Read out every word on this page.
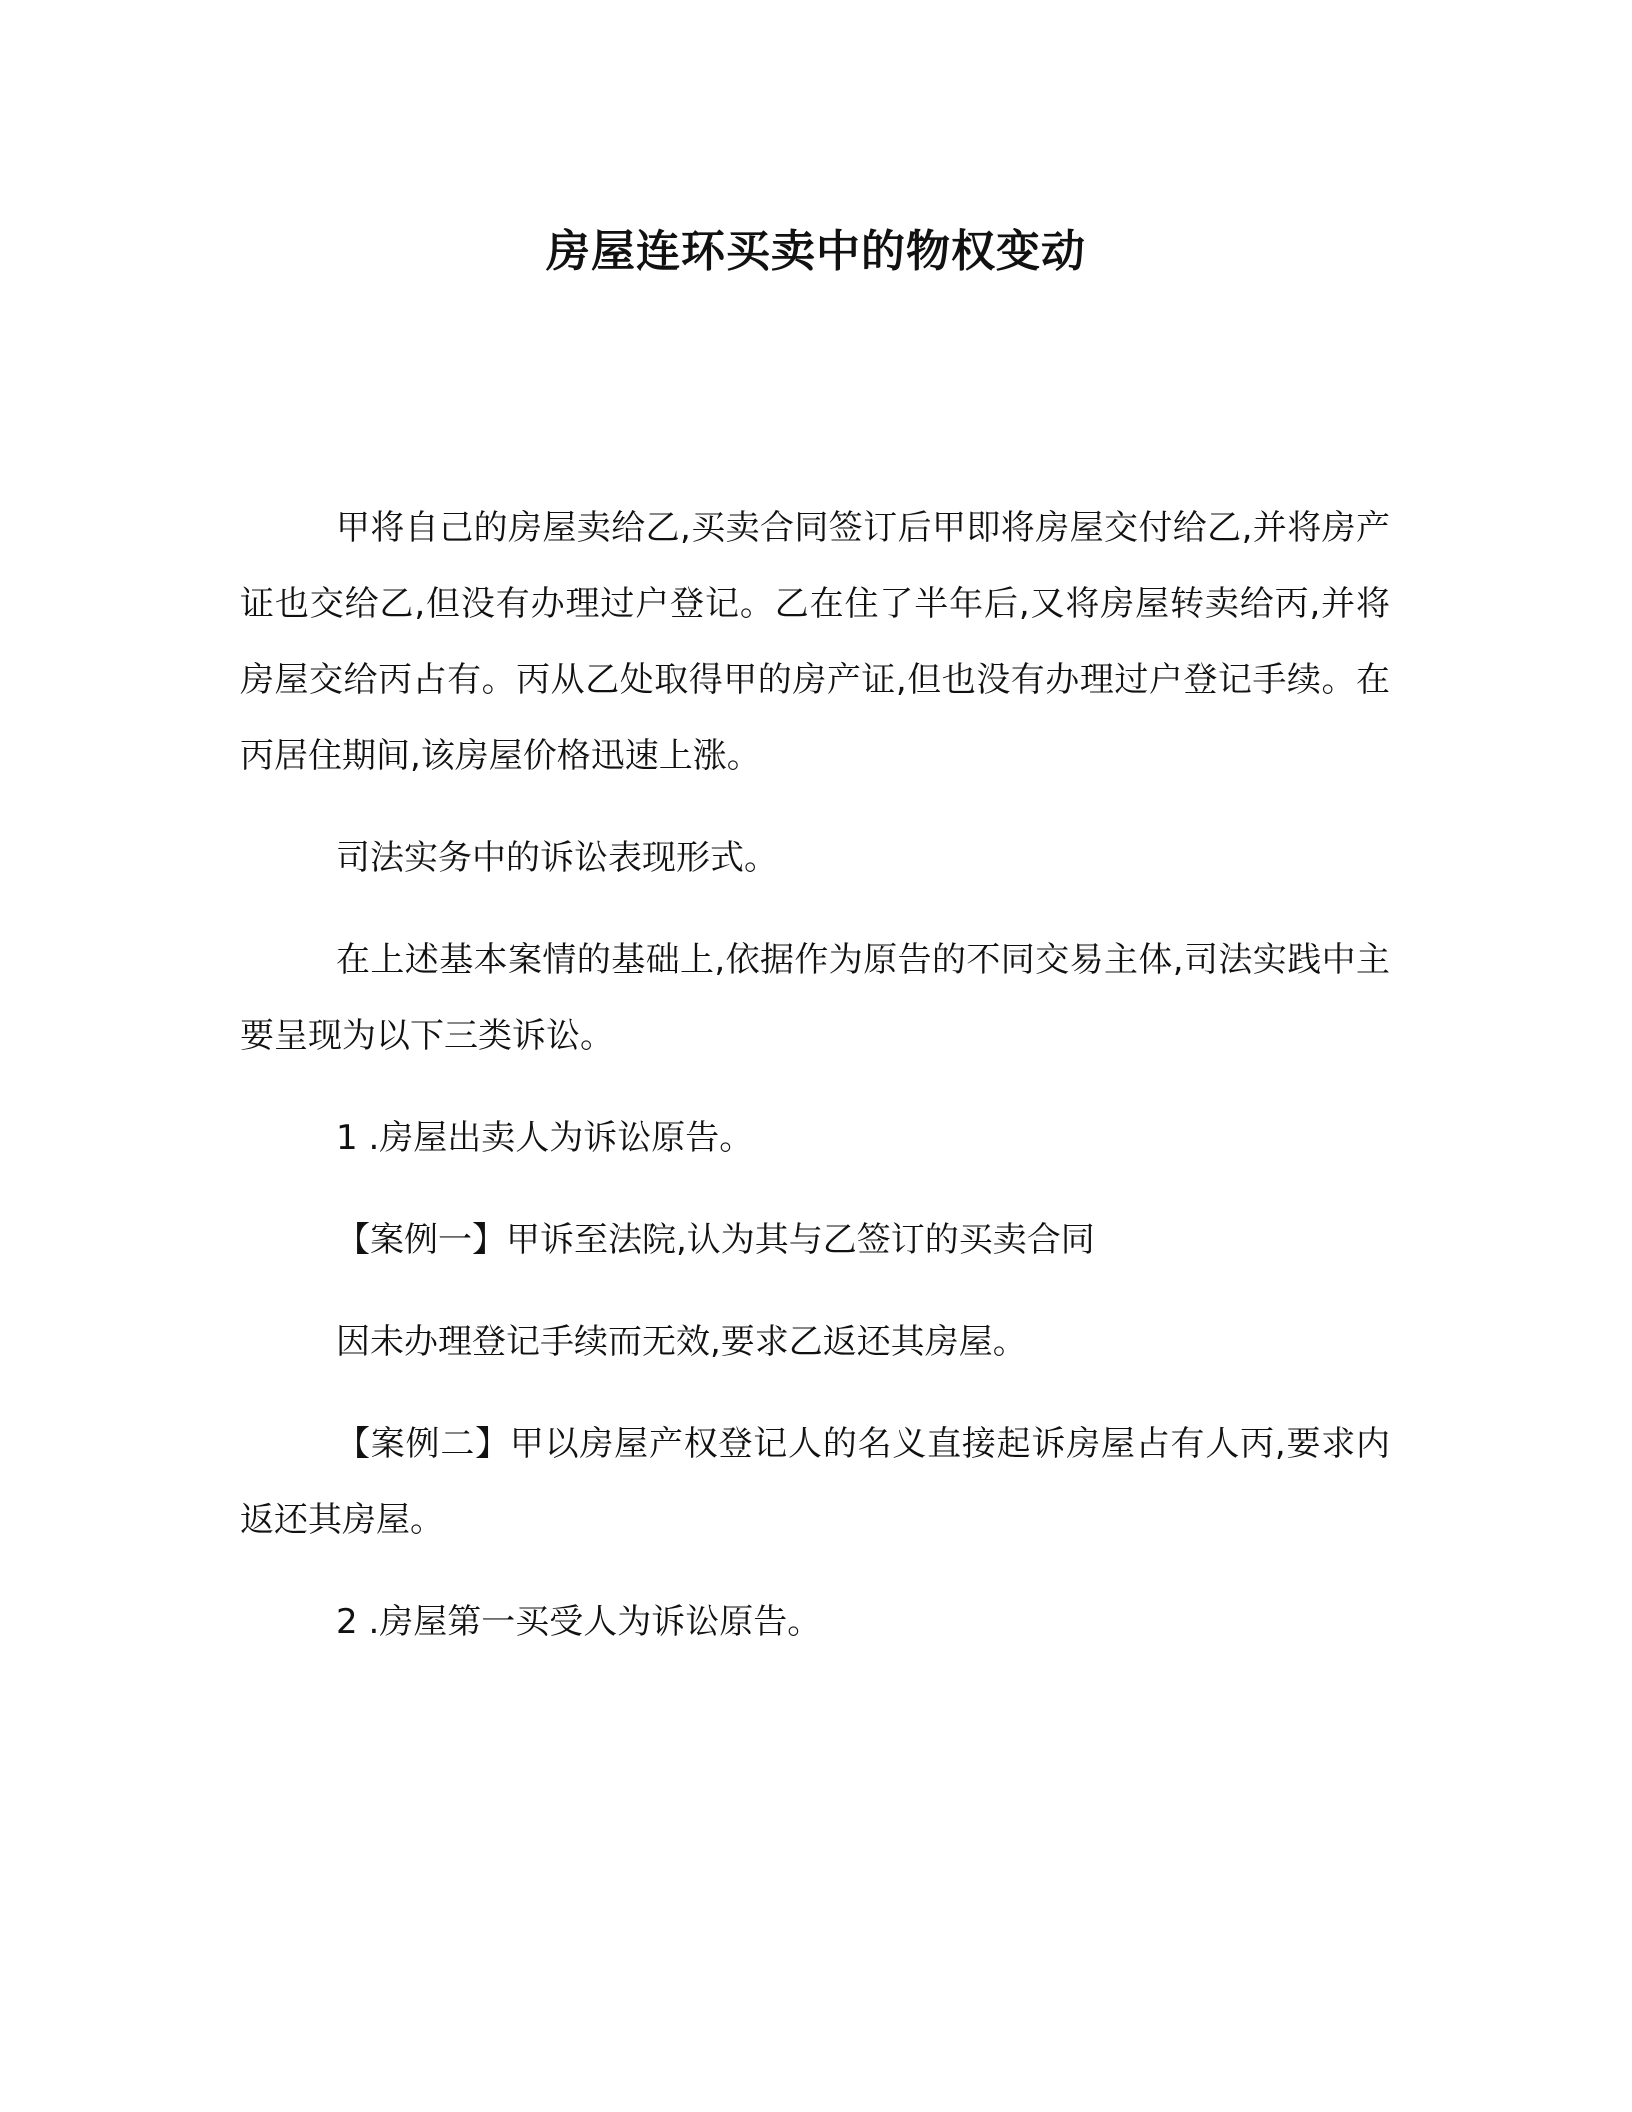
房屋连环买卖中的物权变动

甲将自己的房屋卖给乙,买卖合同签订后甲即将房屋交付给乙,并将房产证也交给乙,但没有办理过户登记。乙在住了半年后,又将房屋转卖给丙,并将房屋交给丙占有。丙从乙处取得甲的房产证,但也没有办理过户登记手续。在丙居住期间,该房屋价格迅速上涨。

司法实务中的诉讼表现形式。

在上述基本案情的基础上,依据作为原告的不同交易主体,司法实践中主要呈现为以下三类诉讼。

1 .房屋出卖人为诉讼原告。

【案例一】甲诉至法院,认为其与乙签订的买卖合同

因未办理登记手续而无效,要求乙返还其房屋。

【案例二】甲以房屋产权登记人的名义直接起诉房屋占有人丙,要求内返还其房屋。

2 .房屋第一买受人为诉讼原告。
